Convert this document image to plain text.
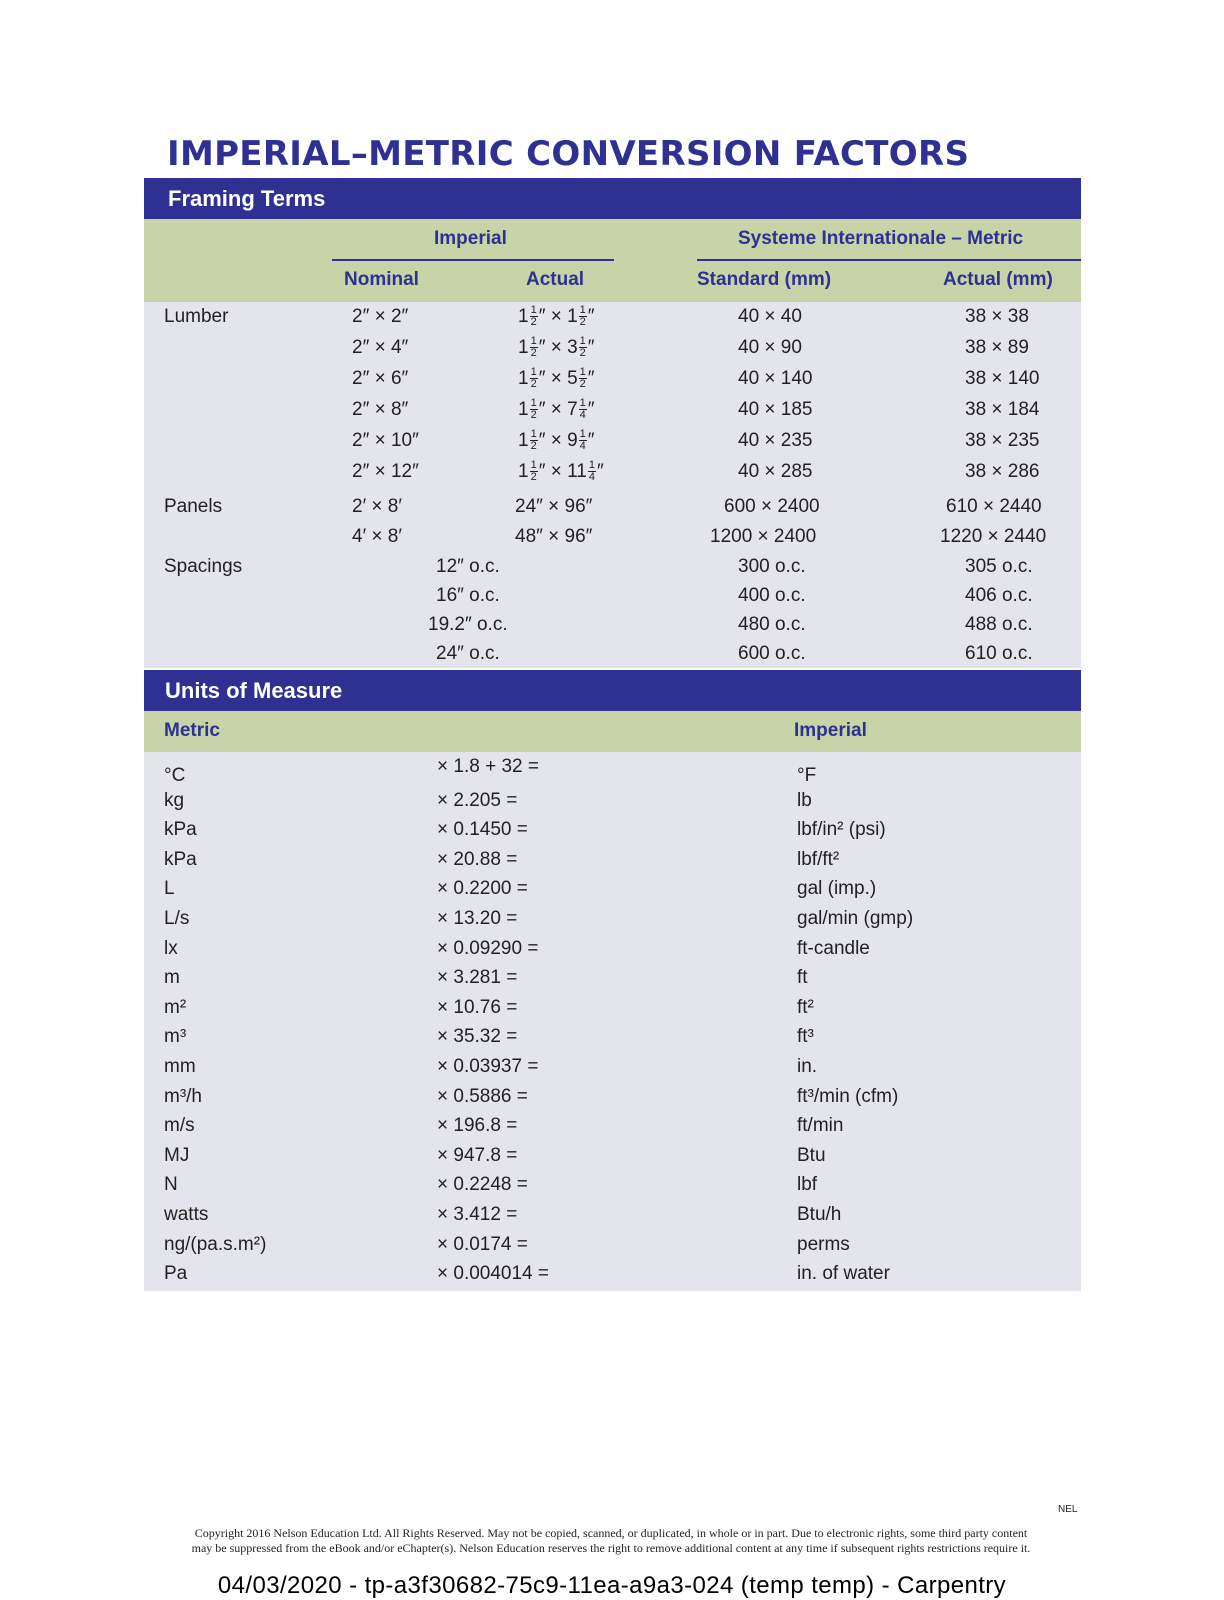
IMPERIAL–METRIC CONVERSION FACTORS
Framing Terms
Imperial	Systeme Internationale – Metric
Nominal	Actual	Standard (mm)	Actual (mm)
Lumber	2″ × 2″	$1 \frac{1}{2}$ ″ × $1 \frac{1}{2}$ ″	40 × 40	38 × 38
2″ × 4″	$1 \frac{1}{2}$ ″ × $3 \frac{1}{2}$ ″	40 × 90	38 × 89
2″ × 6″	$1 \frac{1}{2}$ ″ × $5 \frac{1}{2}$ ″	40 × 140	38 × 140
2″ × 8″	$1 \frac{1}{2}$ ″ × $7 \frac{1}{4}$ ″	40 × 185	38 × 184
2″ × 10″	$1 \frac{1}{2}$ ″ × $9 \frac{1}{4}$ ″	40 × 235	38 × 235
2″ × 12″	$1 \frac{1}{2}$ ″ × $11 \frac{1}{4}$ ″	40 × 285	38 × 286
Panels	2′ × 8′	24″ × 96″	600 × 2400	610 × 2440
4′ × 8′	48″ × 96″	1200 × 2400	1220 × 2440
Spacings	12″ o.c.	300 o.c.	305 o.c.
16″ o.c.	400 o.c.	406 o.c.
19.2″ o.c.	480 o.c.	488 o.c.
24″ o.c.	600 o.c.	610 o.c.
Units of Measure
Metric	Imperial
°C	× 1.8 + 32 =	°F
kg	× 2.205 =	lb
kPa	× 0.1450 =	lbf/in² (psi)
kPa	× 20.88 =	lbf/ft²
L	× 0.2200 =	gal (imp.)
L/s	× 13.20 =	gal/min (gmp)
lx	× 0.09290 =	ft-candle
m	× 3.281 =	ft
m²	× 10.76 =	ft²
m³	× 35.32 =	ft³
mm	× 0.03937 =	in.
m³/h	× 0.5886 =	ft³/min (cfm)
m/s	× 196.8 =	ft/min
MJ	× 947.8 =	Btu
N	× 0.2248 =	lbf
watts	× 3.412 =	Btu/h
ng/(pa.s.m²)	× 0.0174 =	perms
Pa	× 0.004014 =	in. of water
NEL
Copyright 2016 Nelson Education Ltd. All Rights Reserved. May not be copied, scanned, or duplicated, in whole or in part. Due to electronic rights, some third party content
may be suppressed from the eBook and/or eChapter(s). Nelson Education reserves the right to remove additional content at any time if subsequent rights restrictions require it.
04/03/2020 - tp-a3f30682-75c9-11ea-a9a3-024 (temp temp) - Carpentry
